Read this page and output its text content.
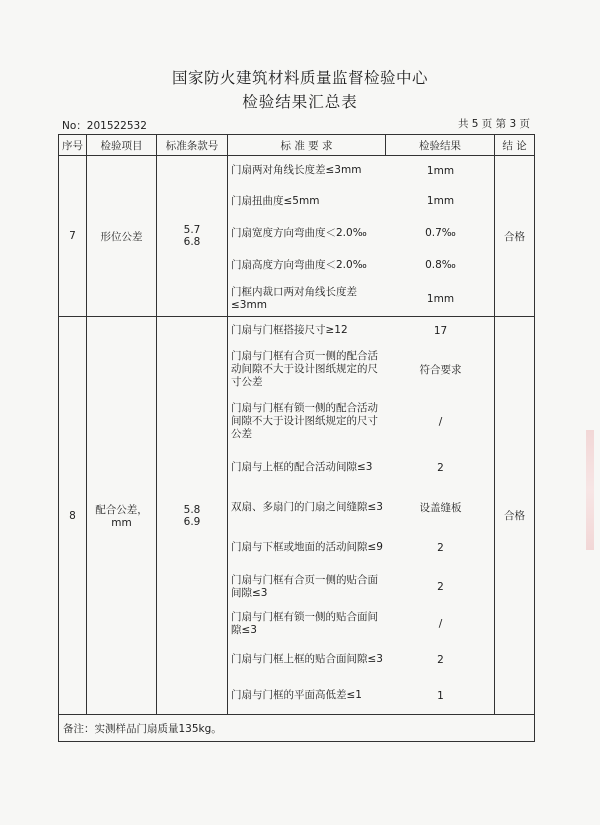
国家防火建筑材料质量监督检验中心
检验结果汇总表
No：201522532	共 5 页 第 3 页
序号	检验项目	标准条款号	标 准 要 求	检验结果	结 论
7	形位公差	
5.7
6.8

门扇两对角线长度差≤3mm	1mm
门扇扭曲度≤5mm	1mm
门扇宽度方向弯曲度＜2.0‰	0.7‰
门扇高度方向弯曲度＜2.0‰	0.8‰
门框内裁口两对角线长度差≤3mm	1mm
	合格
8	配合公差，mm	
5.8
6.9

门扇与门框搭接尺寸≥12	17
门扇与门框有合页一侧的配合活动间隙不大于设计图纸规定的尺寸公差	符合要求
门扇与门框有锁一侧的配合活动间隙不大于设计图纸规定的尺寸公差	/
门扇与上框的配合活动间隙≤3	2
双扇、多扇门的门扇之间缝隙≤3	设盖缝板
门扇与下框或地面的活动间隙≤9	2
门扇与门框有合页一侧的贴合面间隙≤3	2
门扇与门框有锁一侧的贴合面间隙≤3	/
门扇与门框上框的贴合面间隙≤3	2
门扇与门框的平面高低差≤1	1
	合格
备注：实测样品门扇质量135kg。
